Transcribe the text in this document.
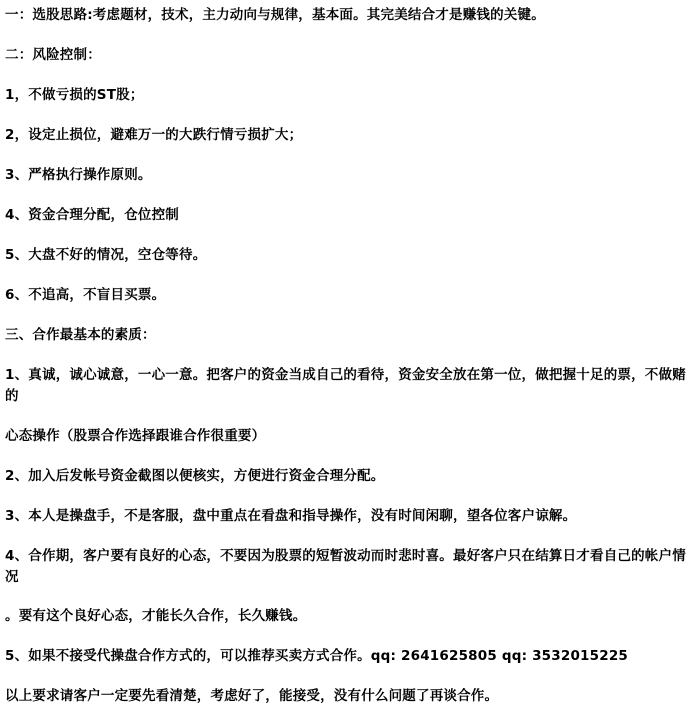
一：选股思路:考虑题材，技术，主力动向与规律，基本面。其完美结合才是赚钱的关键。
二：风险控制：
1，不做亏损的ST股；
2，设定止损位，避难万一的大跌行情亏损扩大；
3、严格执行操作原则。
4、资金合理分配，仓位控制
5、大盘不好的情况，空仓等待。
6、不追高，不盲目买票。
三、合作最基本的素质：
1、真诚，诚心诚意，一心一意。把客户的资金当成自己的看待，资金安全放在第一位，做把握十足的票，不做赌的
心态操作（股票合作选择跟谁合作很重要）
2、加入后发帐号资金截图以便核实，方便进行资金合理分配。
3、本人是操盘手，不是客服，盘中重点在看盘和指导操作，没有时间闲聊，望各位客户谅解。
4、合作期，客户要有良好的心态，不要因为股票的短暂波动而时悲时喜。最好客户只在结算日才看自己的帐户情况
。要有这个良好心态，才能长久合作，长久赚钱。
5、如果不接受代操盘合作方式的，可以推荐买卖方式合作。qq: 2641625805 qq: 3532015225
以上要求请客户一定要先看清楚，考虑好了，能接受，没有什么问题了再谈合作。
